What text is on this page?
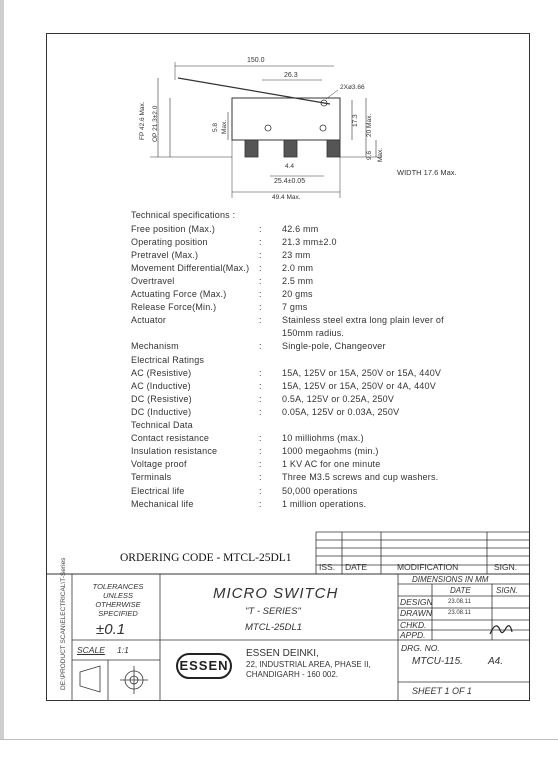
150.0
26.3
2Xø3.66
FP 42.6 Max. OP 21.3±2.0	5.8 Max.	17.3 20 Max.
9.6 Max.
4.4
25.4±0.05
49.4 Max.
WIDTH 17.6 Max.
Technical specifications :
Free position (Max.)	: 42.6 mm
Operating position	: 21.3 mm±2.0
Pretravel (Max.)	: 23 mm
Movement Differential(Max.) : 2.0 mm
Overtravel	: 2.5 mm
Actuating Force (Max.)	: 20 gms
Release Force(Min.)	: 7 gms
Actuator	: Stainless steel extra long plain lever of
150mm radius.
Mechanism	: Single-pole, Changeover
Electrical Ratings
AC (Resistive)	: 15A, 125V or 15A, 250V or 15A, 440V
AC (Inductive)	: 15A, 125V or 15A, 250V or 4A, 440V
DC (Resistive)	: 0.5A, 125V or 0.25A, 250V
DC (Inductive)	: 0.05A, 125V or 0.03A, 250V
Technical Data
Contact resistance	: 10 milliohms (max.)
Insulation resistance	: 1000 megaohms (min.)
Voltage proof	: 1 KV AC for one minute
Terminals	: Three M3.5 screws and cup washers.
Electrical life	: 50,000 operations
Mechanical life	: 1 million operations.
ORDERING CODE - MTCL-25DL1
ISS. DATE	MODIFICATION	SIGN.
TOLERANCES
UNLESS
OTHERWISE
SPECIFIED
±0.1
MICRO SWITCH
"T - SERIES"
MTCL-25DL1
DIMENSIONS IN MM
DATE	SIGN.
DESIGN	23.08.11
DRAWN	23.08.11
CHKD.
APPD.
SCALE 1:1
ESSEN
ESSEN DEINKI,
22, INDUSTRIAL AREA, PHASE II,
CHANDIGARH - 160 002.
DRG. NO.
MTCU-115.	A4.
SHEET 1 OF 1
DE:\PRODUCT SCAN\ELECTRICAL\T-Series
